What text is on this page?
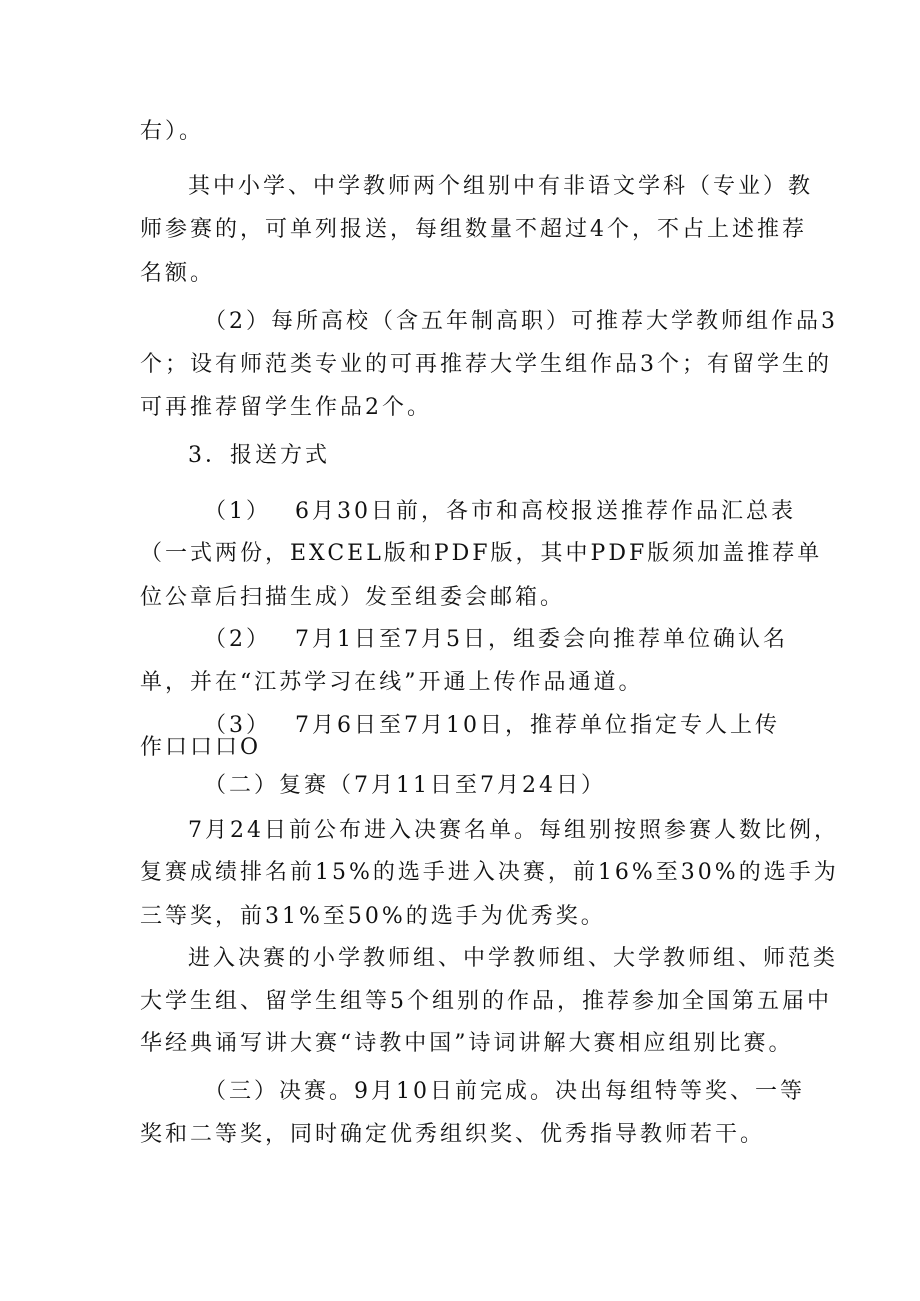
右）。
其中小学、中学教师两个组别中有非语文学科（专业）教
师参赛的，可单列报送，每组数量不超过4个，不占上述推荐
名额。
（2）每所高校（含五年制高职）可推荐大学教师组作品3
个；设有师范类专业的可再推荐大学生组作品3个；有留学生的
可再推荐留学生作品2个。
3．报送方式
（1）　 6月30日前，各市和高校报送推荐作品汇总表
（一式两份，EXCEL版和PDF版，其中PDF版须加盖推荐单
位公章后扫描生成）发至组委会邮箱。
（2）　 7月1日至7月5日，组委会向推荐单位确认名
单，并在“江苏学习在线”开通上传作品通道。
（3）　 7月6日至7月10日，推荐单位指定专人上传
作口口口O
（二）复赛（7月11日至7月24日）
7月24日前公布进入决赛名单。每组别按照参赛人数比例，
复赛成绩排名前15%的选手进入决赛，前16%至30%的选手为
三等奖，前31%至50%的选手为优秀奖。
进入决赛的小学教师组、中学教师组、大学教师组、师范类
大学生组、留学生组等5个组别的作品，推荐参加全国第五届中
华经典诵写讲大赛“诗教中国”诗词讲解大赛相应组别比赛。
（三）决赛。9月10日前完成。决出每组特等奖、一等
奖和二等奖，同时确定优秀组织奖、优秀指导教师若干。
